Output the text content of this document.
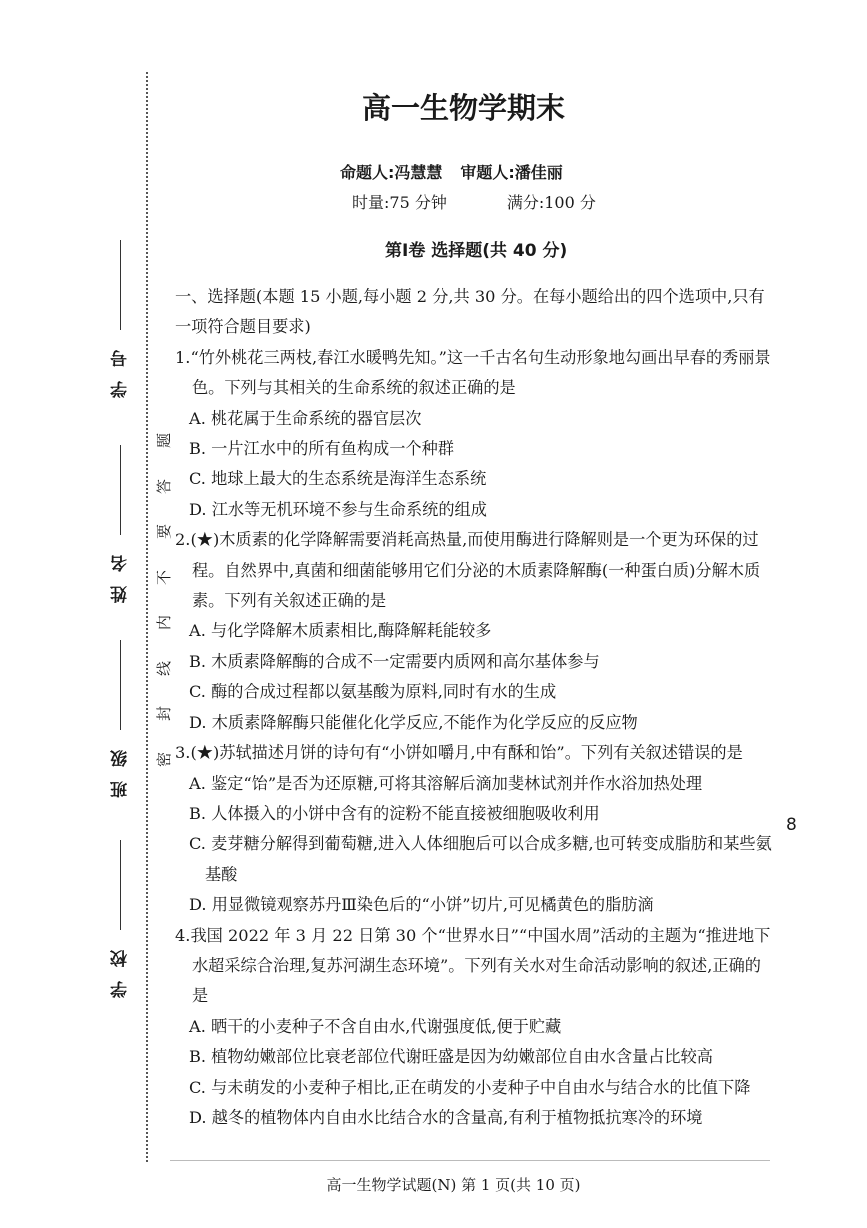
学号
姓名
班级
学校
题
答
要
不
内
线
封
密
8
高一生物学期末
命题人:冯慧慧 审题人:潘佳丽
时量:75 分钟	满分:100 分
第Ⅰ卷 选择题(共 40 分)

一、选择题(本题 15 小题,每小题 2 分,共 30 分。在每小题给出的四个选项中,只有一项符合题目要求)

1.“竹外桃花三两枝,春江水暖鸭先知。”这一千古名句生动形象地勾画出早春的秀丽景色。下列与其相关的生命系统的叙述正确的是

A. 桃花属于生命系统的器官层次

B. 一片江水中的所有鱼构成一个种群

C. 地球上最大的生态系统是海洋生态系统

D. 江水等无机环境不参与生命系统的组成

2.(★)木质素的化学降解需要消耗高热量,而使用酶进行降解则是一个更为环保的过程。自然界中,真菌和细菌能够用它们分泌的木质素降解酶(一种蛋白质)分解木质素。下列有关叙述正确的是

A. 与化学降解木质素相比,酶降解耗能较多

B. 木质素降解酶的合成不一定需要内质网和高尔基体参与

C. 酶的合成过程都以氨基酸为原料,同时有水的生成

D. 木质素降解酶只能催化化学反应,不能作为化学反应的反应物

3.(★)苏轼描述月饼的诗句有“小饼如嚼月,中有酥和饴”。下列有关叙述错误的是

A. 鉴定“饴”是否为还原糖,可将其溶解后滴加斐林试剂并作水浴加热处理

B. 人体摄入的小饼中含有的淀粉不能直接被细胞吸收利用

C. 麦芽糖分解得到葡萄糖,进入人体细胞后可以合成多糖,也可转变成脂肪和某些氨基酸

D. 用显微镜观察苏丹Ⅲ染色后的“小饼”切片,可见橘黄色的脂肪滴

4.我国 2022 年 3 月 22 日第 30 个“世界水日”“中国水周”活动的主题为“推进地下水超采综合治理,复苏河湖生态环境”。下列有关水对生命活动影响的叙述,正确的是

A. 晒干的小麦种子不含自由水,代谢强度低,便于贮藏

B. 植物幼嫩部位比衰老部位代谢旺盛是因为幼嫩部位自由水含量占比较高

C. 与未萌发的小麦种子相比,正在萌发的小麦种子中自由水与结合水的比值下降

D. 越冬的植物体内自由水比结合水的含量高,有利于植物抵抗寒冷的环境

高一生物学试题(N) 第 1 页(共 10 页)
